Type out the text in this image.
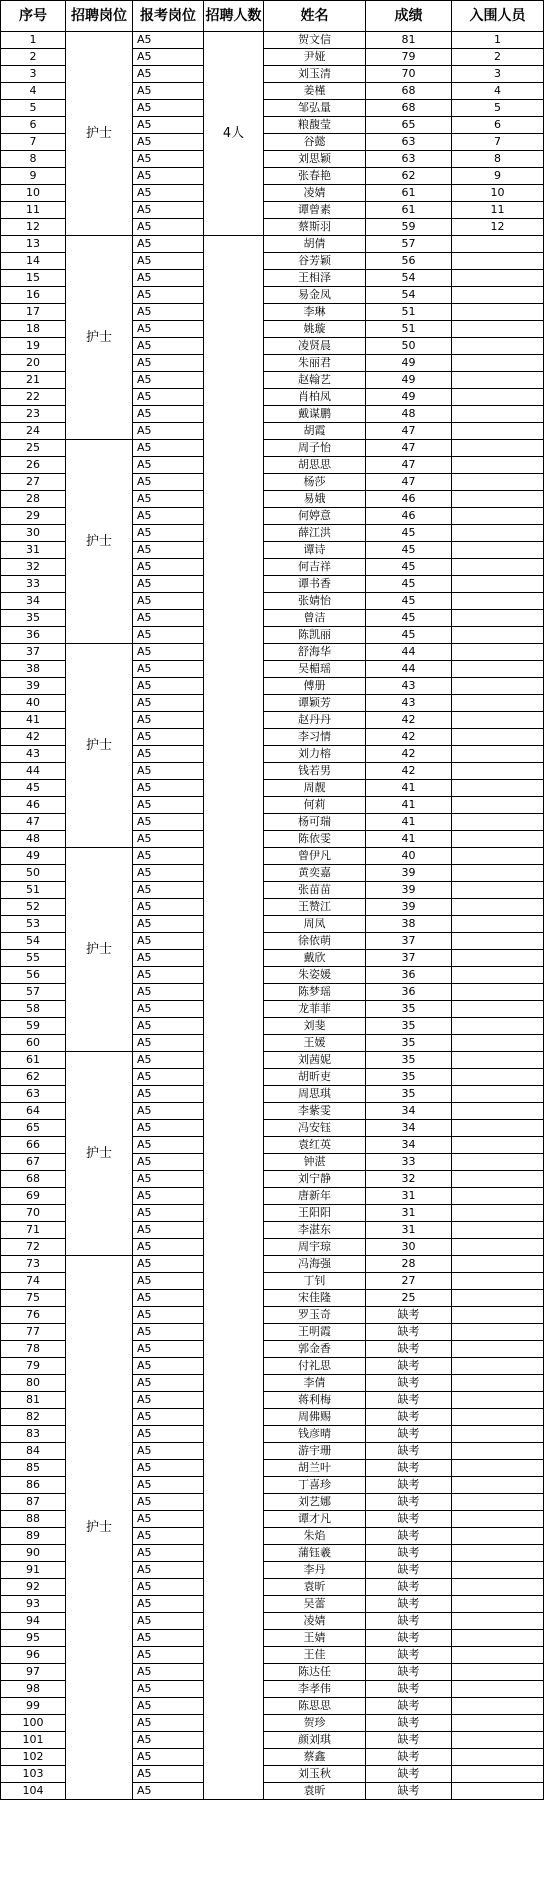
序号	招聘岗位	报考岗位	招聘人数	姓名	成绩	入围人员
1	护士	A5	4人	贺文信	81	1
2		A5		尹娅	79	2
3		A5		刘玉清	70	3
4		A5		姜槿	68	4
5		A5		邹弘量	68	5
6		A5		粮馥莹	65	6
7		A5		谷懿	63	7
8		A5		刘思颖	63	8
9		A5		张春艳	62	9
10		A5		凌婧	61	10
11		A5		谭曾素	61	11
12		A5		蔡斯羽	59	12
13	护士	A5		胡倩	57	
14		A5		谷芳颖	56	
15		A5		王相泽	54	
16		A5		易金凤	54	
17		A5		李琳	51	
18		A5		姚璇	51	
19		A5		凌贤晨	50	
20		A5		朱丽君	49	
21		A5		赵翰艺	49	
22		A5		肖柏凤	49	
23		A5		戴谋鹏	48	
24		A5		胡霞	47	
25	护士	A5		周子怡	47	
26		A5		胡思思	47	
27		A5		杨莎	47	
28		A5		易娥	46	
29		A5		何婷意	46	
30		A5		薛江洪	45	
31		A5		谭诗	45	
32		A5		何吉祥	45	
33		A5		谭书香	45	
34		A5		张婧怡	45	
35		A5		曾洁	45	
36		A5		陈凯丽	45	
37	护士	A5		舒海华	44	
38		A5		吴楣瑶	44	
39		A5		傅册	43	
40		A5		谭颖芳	43	
41		A5		赵丹丹	42	
42		A5		李习情	42	
43		A5		刘力榕	42	
44		A5		钱若男	42	
45		A5		周靓	41	
46		A5		何莉	41	
47		A5		杨可瑞	41	
48		A5		陈依雯	41	
49	护士	A5		曾伊凡	40	
50		A5		黄奕嘉	39	
51		A5		张苗苗	39	
52		A5		王赞江	39	
53		A5		周凤	38	
54		A5		徐依萌	37	
55		A5		戴欣	37	
56		A5		朱姿媛	36	
57		A5		陈梦瑶	36	
58		A5		龙菲菲	35	
59		A5		刘斐	35	
60		A5		王媛	35	
61	护士	A5		刘茜妮	35	
62		A5		胡昕吏	35	
63		A5		周思琪	35	
64		A5		李紫雯	34	
65		A5		冯安钰	34	
66		A5		袁红英	34	
67		A5		钟湛	33	
68		A5		刘宁静	32	
69		A5		唐新年	31	
70		A5		王阳阳	31	
71		A5		李湛东	31	
72		A5		周宇琼	30	
73	护士	A5		冯海强	28	
74		A5		丁钊	27	
75		A5		宋佳隆	25	
76		A5		罗玉奇	缺考	
77		A5		王明霞	缺考	
78		A5		郭金香	缺考	
79		A5		付礼思	缺考	
80		A5		李倩	缺考	
81		A5		蒋利梅	缺考	
82		A5		周佛赐	缺考	
83		A5		钱彦晴	缺考	
84		A5		游宇珊	缺考	
85		A5		胡兰叶	缺考	
86		A5		丁喜珍	缺考	
87		A5		刘艺娜	缺考	
88		A5		谭才凡	缺考	
89		A5		朱焰	缺考	
90		A5		蒲钰羲	缺考	
91		A5		李丹	缺考	
92		A5		袁昕	缺考	
93		A5		吴蕾	缺考	
94		A5		凌婧	缺考	
95		A5		王婧	缺考	
96		A5		王佳	缺考	
97		A5		陈达任	缺考	
98		A5		李孝伟	缺考	
99		A5		陈思思	缺考	
100		A5		贺珍	缺考	
101		A5		颜刘琪	缺考	
102		A5		蔡鑫	缺考	
103		A5		刘玉秋	缺考	
104		A5		袁昕	缺考	
